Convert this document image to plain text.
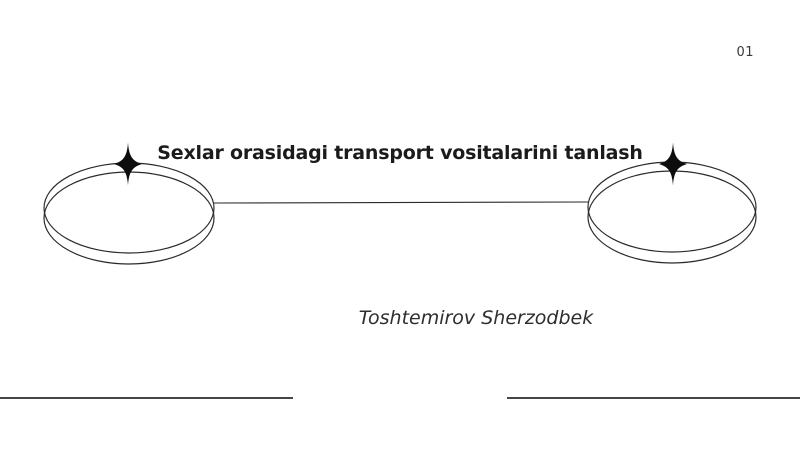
01
Sexlar orasidagi transport vositalarini tanlash
Toshtemirov Sherzodbek
